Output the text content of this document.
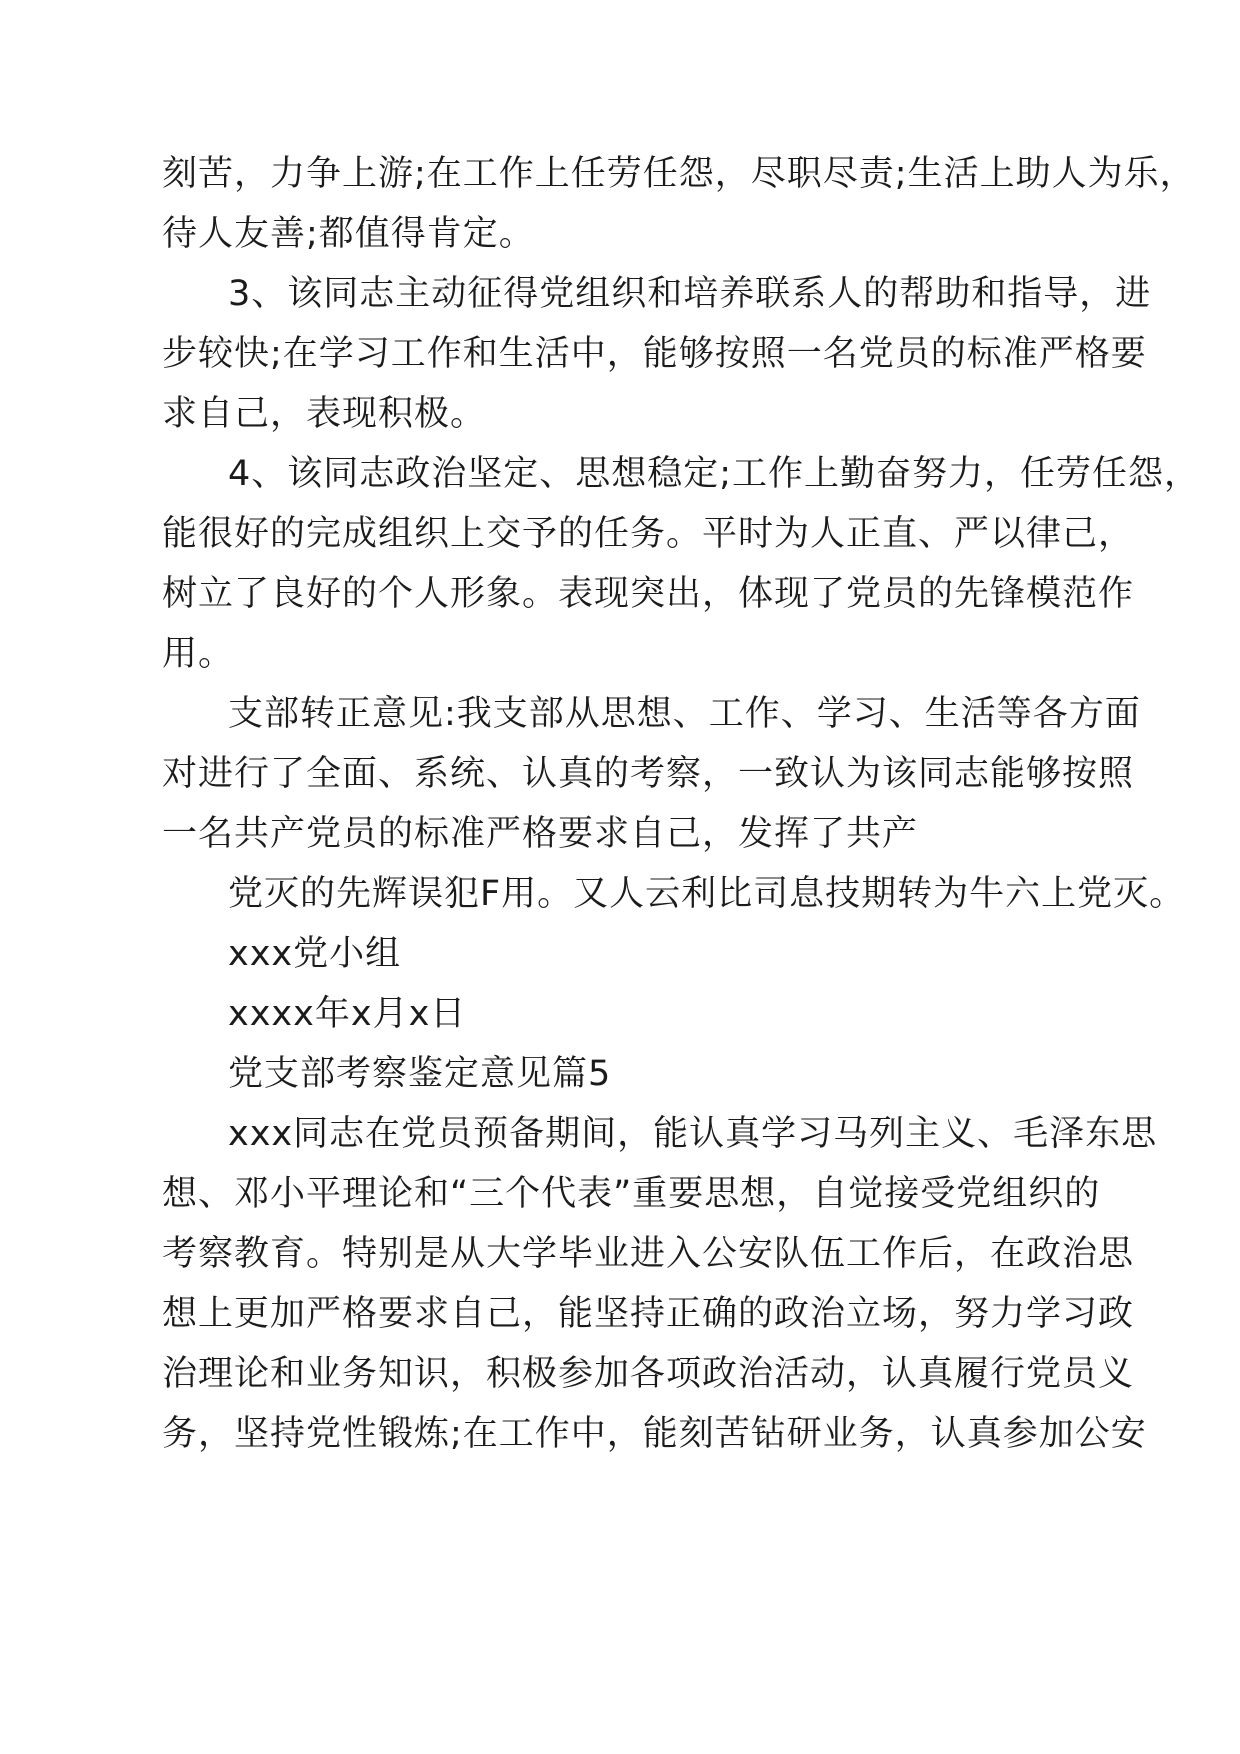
刻苦，力争上游;在工作上任劳任怨，尽职尽责;生活上助人为乐，
待人友善;都值得肯定。
3、该同志主动征得党组织和培养联系人的帮助和指导，进
步较快;在学习工作和生活中，能够按照一名党员的标准严格要
求自己，表现积极。
4、该同志政治坚定、思想稳定;工作上勤奋努力，任劳任怨，
能很好的完成组织上交予的任务。平时为人正直、严以律己，
树立了良好的个人形象。表现突出，体现了党员的先锋模范作
用。
支部转正意见:我支部从思想、工作、学习、生活等各方面
对进行了全面、系统、认真的考察，一致认为该同志能够按照
一名共产党员的标准严格要求自己，发挥了共产
党灭的先辉误犯F用。又人云利比司息技期转为牛六上党灭。
xxx党小组
xxxx年x月x日
党支部考察鉴定意见篇5
xxx同志在党员预备期间，能认真学习马列主义、毛泽东思
想、邓小平理论和“三个代表”重要思想，自觉接受党组织的
考察教育。特别是从大学毕业进入公安队伍工作后，在政治思
想上更加严格要求自己，能坚持正确的政治立场，努力学习政
治理论和业务知识，积极参加各项政治活动，认真履行党员义
务，坚持党性锻炼;在工作中，能刻苦钻研业务，认真参加公安
